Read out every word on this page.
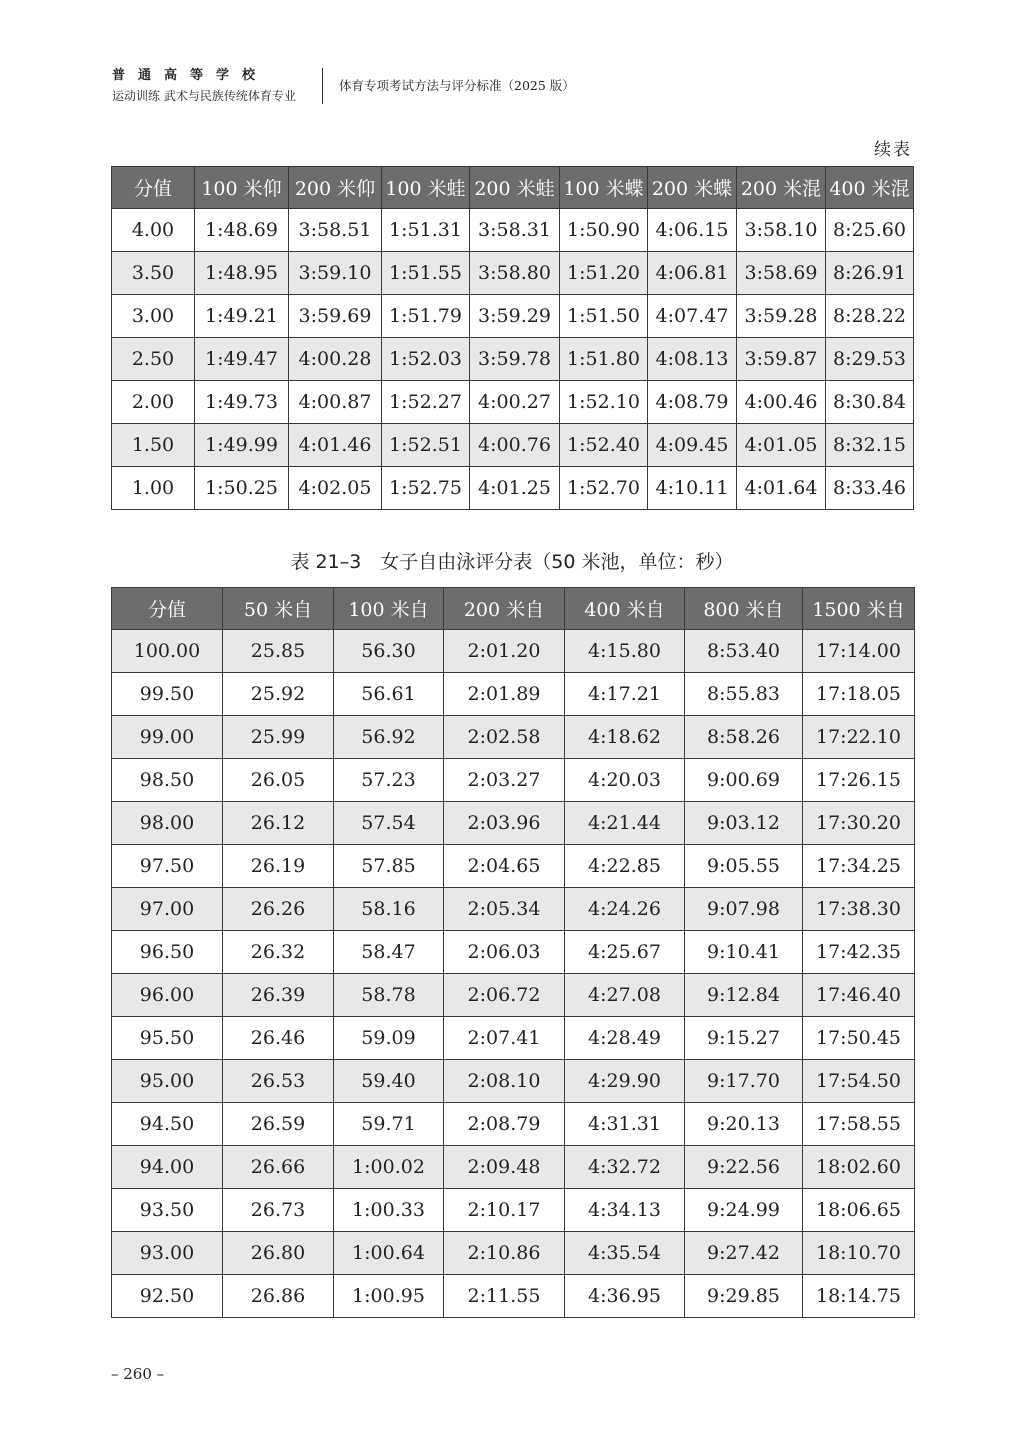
普通高等学校
运动训练 武术与民族传统体育专业
体育专项考试方法与评分标准（2025 版）
续表
分值	100 米仰	200 米仰	100 米蛙	200 米蛙	100 米蝶	200 米蝶	200 米混	400 米混
4.00	1:48.69	3:58.51	1:51.31	3:58.31	1:50.90	4:06.15	3:58.10	8:25.60
3.50	1:48.95	3:59.10	1:51.55	3:58.80	1:51.20	4:06.81	3:58.69	8:26.91
3.00	1:49.21	3:59.69	1:51.79	3:59.29	1:51.50	4:07.47	3:59.28	8:28.22
2.50	1:49.47	4:00.28	1:52.03	3:59.78	1:51.80	4:08.13	3:59.87	8:29.53
2.00	1:49.73	4:00.87	1:52.27	4:00.27	1:52.10	4:08.79	4:00.46	8:30.84
1.50	1:49.99	4:01.46	1:52.51	4:00.76	1:52.40	4:09.45	4:01.05	8:32.15
1.00	1:50.25	4:02.05	1:52.75	4:01.25	1:52.70	4:10.11	4:01.64	8:33.46
表 21–3　女子自由泳评分表（50 米池，单位：秒）
分值	50 米自	100 米自	200 米自	400 米自	800 米自	1500 米自
100.00	25.85	56.30	2:01.20	4:15.80	8:53.40	17:14.00
99.50	25.92	56.61	2:01.89	4:17.21	8:55.83	17:18.05
99.00	25.99	56.92	2:02.58	4:18.62	8:58.26	17:22.10
98.50	26.05	57.23	2:03.27	4:20.03	9:00.69	17:26.15
98.00	26.12	57.54	2:03.96	4:21.44	9:03.12	17:30.20
97.50	26.19	57.85	2:04.65	4:22.85	9:05.55	17:34.25
97.00	26.26	58.16	2:05.34	4:24.26	9:07.98	17:38.30
96.50	26.32	58.47	2:06.03	4:25.67	9:10.41	17:42.35
96.00	26.39	58.78	2:06.72	4:27.08	9:12.84	17:46.40
95.50	26.46	59.09	2:07.41	4:28.49	9:15.27	17:50.45
95.00	26.53	59.40	2:08.10	4:29.90	9:17.70	17:54.50
94.50	26.59	59.71	2:08.79	4:31.31	9:20.13	17:58.55
94.00	26.66	1:00.02	2:09.48	4:32.72	9:22.56	18:02.60
93.50	26.73	1:00.33	2:10.17	4:34.13	9:24.99	18:06.65
93.00	26.80	1:00.64	2:10.86	4:35.54	9:27.42	18:10.70
92.50	26.86	1:00.95	2:11.55	4:36.95	9:29.85	18:14.75
– 260 –
